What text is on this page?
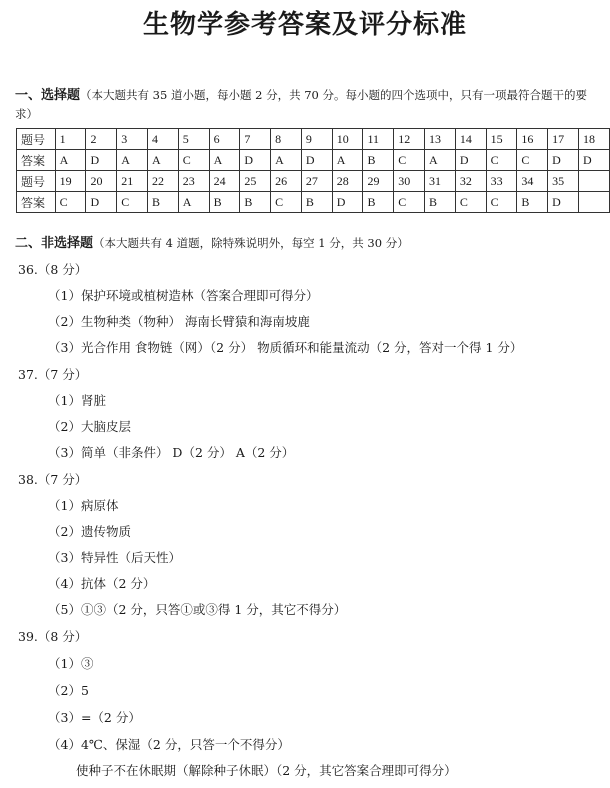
生物学参考答案及评分标准
一、选择题（本大题共有 35 道小题，每小题 2 分，共 70 分。每小题的四个选项中，只有一项最符合题干的要求）
题号	1	2	3	4	5	6	7	8	9	10	11	12	13	14	15	16	17	18
答案	A	D	A	A	C	A	D	A	D	A	B	C	A	D	C	C	D	D
题号	19	20	21	22	23	24	25	26	27	28	29	30	31	32	33	34	35	
答案	C	D	C	B	A	B	B	C	B	D	B	C	B	C	C	B	D	
二、非选择题（本大题共有 4 道题，除特殊说明外，每空 1 分，共 30 分）
36.（8 分）
（1）保护环境或植树造林（答案合理即可得分）
（2）生物种类（物种） 海南长臂猿和海南坡鹿
（3）光合作用 食物链（网）（2 分） 物质循环和能量流动（2 分，答对一个得 1 分）
37.（7 分）
（1）肾脏
（2）大脑皮层
（3）简单（非条件） D（2 分） A（2 分）
38.（7 分）
（1）病原体
（2）遗传物质
（3）特异性（后天性）
（4）抗体（2 分）
（5）①③（2 分，只答①或③得 1 分，其它不得分）
39.（8 分）
（1）③
（2）5
（3）=（2 分）
（4）4℃、保湿（2 分，只答一个不得分）
使种子不在休眠期（解除种子休眠）（2 分，其它答案合理即可得分）
